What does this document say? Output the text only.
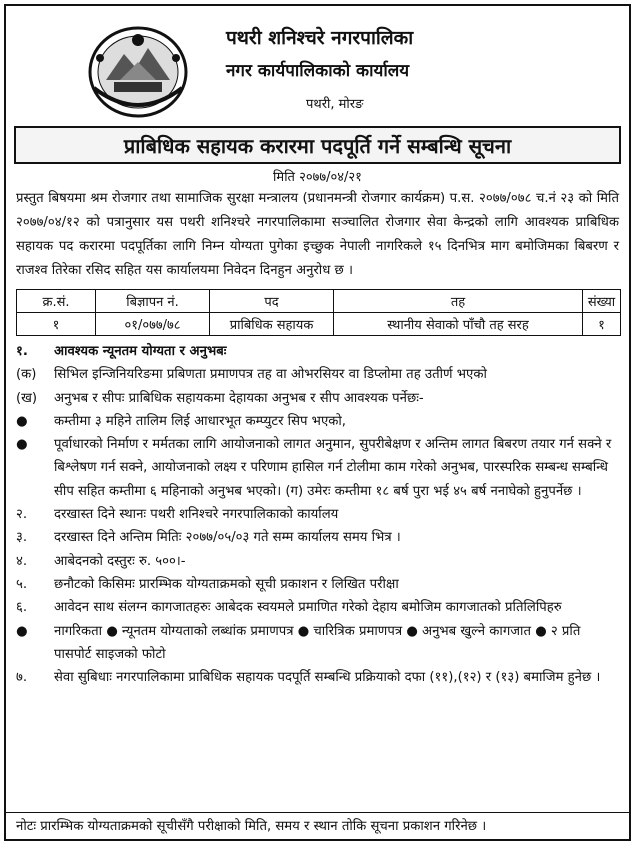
पथरी शनिश्चरे नगरपालिका
नगर कार्यपालिकाको कार्यालय
पथरी, मोरङ
प्राबिधिक सहायक करारमा पदपूर्ति गर्ने सम्बन्धि सूचना
मिति २०७७/०४/२१
प्रस्तुत बिषयमा श्रम रोजगार तथा सामाजिक सुरक्षा मन्त्रालय (प्रधानमन्त्री रोजगार कार्यक्रम) प.स. २०७७/०७८ च.नं २३ को मिति २०७७/०४/१२ को पत्रानुसार यस पथरी शनिश्चरे नगरपालिकामा सञ्चालित रोजगार सेवा केन्द्रको लागि आवश्यक प्राबिधिक सहायक पद करारमा पदपूर्तिका लागि निम्न योग्यता पुगेका इच्छुक नेपाली नागरिकले १५ दिनभित्र माग बमोजिमका बिबरण र राजश्व तिरेका रसिद सहित यस कार्यालयमा निवेदन दिनहुन अनुरोध छ ।
क्र.सं.	बिज्ञापन नं.	पद	तह	संख्या
१	०१/०७७/७८	प्राबिधिक सहायक	स्थानीय सेवाको पाँचौ तह सरह	१
१.	आवश्यक न्यूनतम योग्यता र अनुभबः
(क)	सिभिल इन्जिनियरिङमा प्रबिणता प्रमाणपत्र तह वा ओभरसियर वा डिप्लोमा तह उतीर्ण भएको
(ख)	अनुभब र सीपः प्राबिधिक सहायकमा देहायका अनुभब र सीप आवश्यक पर्नेछः-
●	कम्तीमा ३ महिने तालिम लिई आधारभूत कम्प्युटर सिप भएको,
●	पूर्वाधारको निर्माण र मर्मतका लागि आयोजनाको लागत अनुमान, सुपरीबेक्षण र अन्तिम लागत बिबरण तयार गर्न सक्ने र बिश्लेषण गर्न सक्ने, आयोजनाको लक्ष्य र परिणाम हासिल गर्न टोलीमा काम गरेको अनुभब, पारस्परिक सम्बन्ध सम्बन्धि सीप सहित कम्तीमा ६ महिनाको अनुभब भएको। (ग) उमेरः कम्तीमा १८ बर्ष पुरा भई ४५ बर्ष ननाघेको हुनुपर्नेछ ।
२.	दरखास्त दिने स्थानः पथरी शनिश्चरे नगरपालिकाको कार्यालय
३.	दरखास्त दिने अन्तिम मितिः २०७७/०५/०३ गते सम्म कार्यालय समय भित्र ।
४.	आबेदनको दस्तुरः रु. ५००।-
५.	छनौटको किसिमः प्रारम्भिक योग्यताक्रमको सूची प्रकाशन र लिखित परीक्षा
६.	आवेदन साथ संलग्न कागजातहरुः आबेदक स्वयमले प्रमाणित गरेको देहाय बमोजिम कागजातको प्रतिलिपिहरु
●	नागरिकता ● न्यूनतम योग्यताको लब्धांक प्रमाणपत्र ● चारित्रिक प्रमाणपत्र ● अनुभब खुल्ने कागजात ● २ प्रति पासपोर्ट साइजको फोटो
७.	सेवा सुबिधाः नगरपालिकामा प्राबिधिक सहायक पदपूर्ति सम्बन्धि प्रक्रियाको दफा (११),(१२) र (१३) बमाजिम हुनेछ ।
नोटः प्रारम्भिक योग्यताक्रमको सूचीसँगै परीक्षाको मिति, समय र स्थान तोकि सूचना प्रकाशन गरिनेछ ।
